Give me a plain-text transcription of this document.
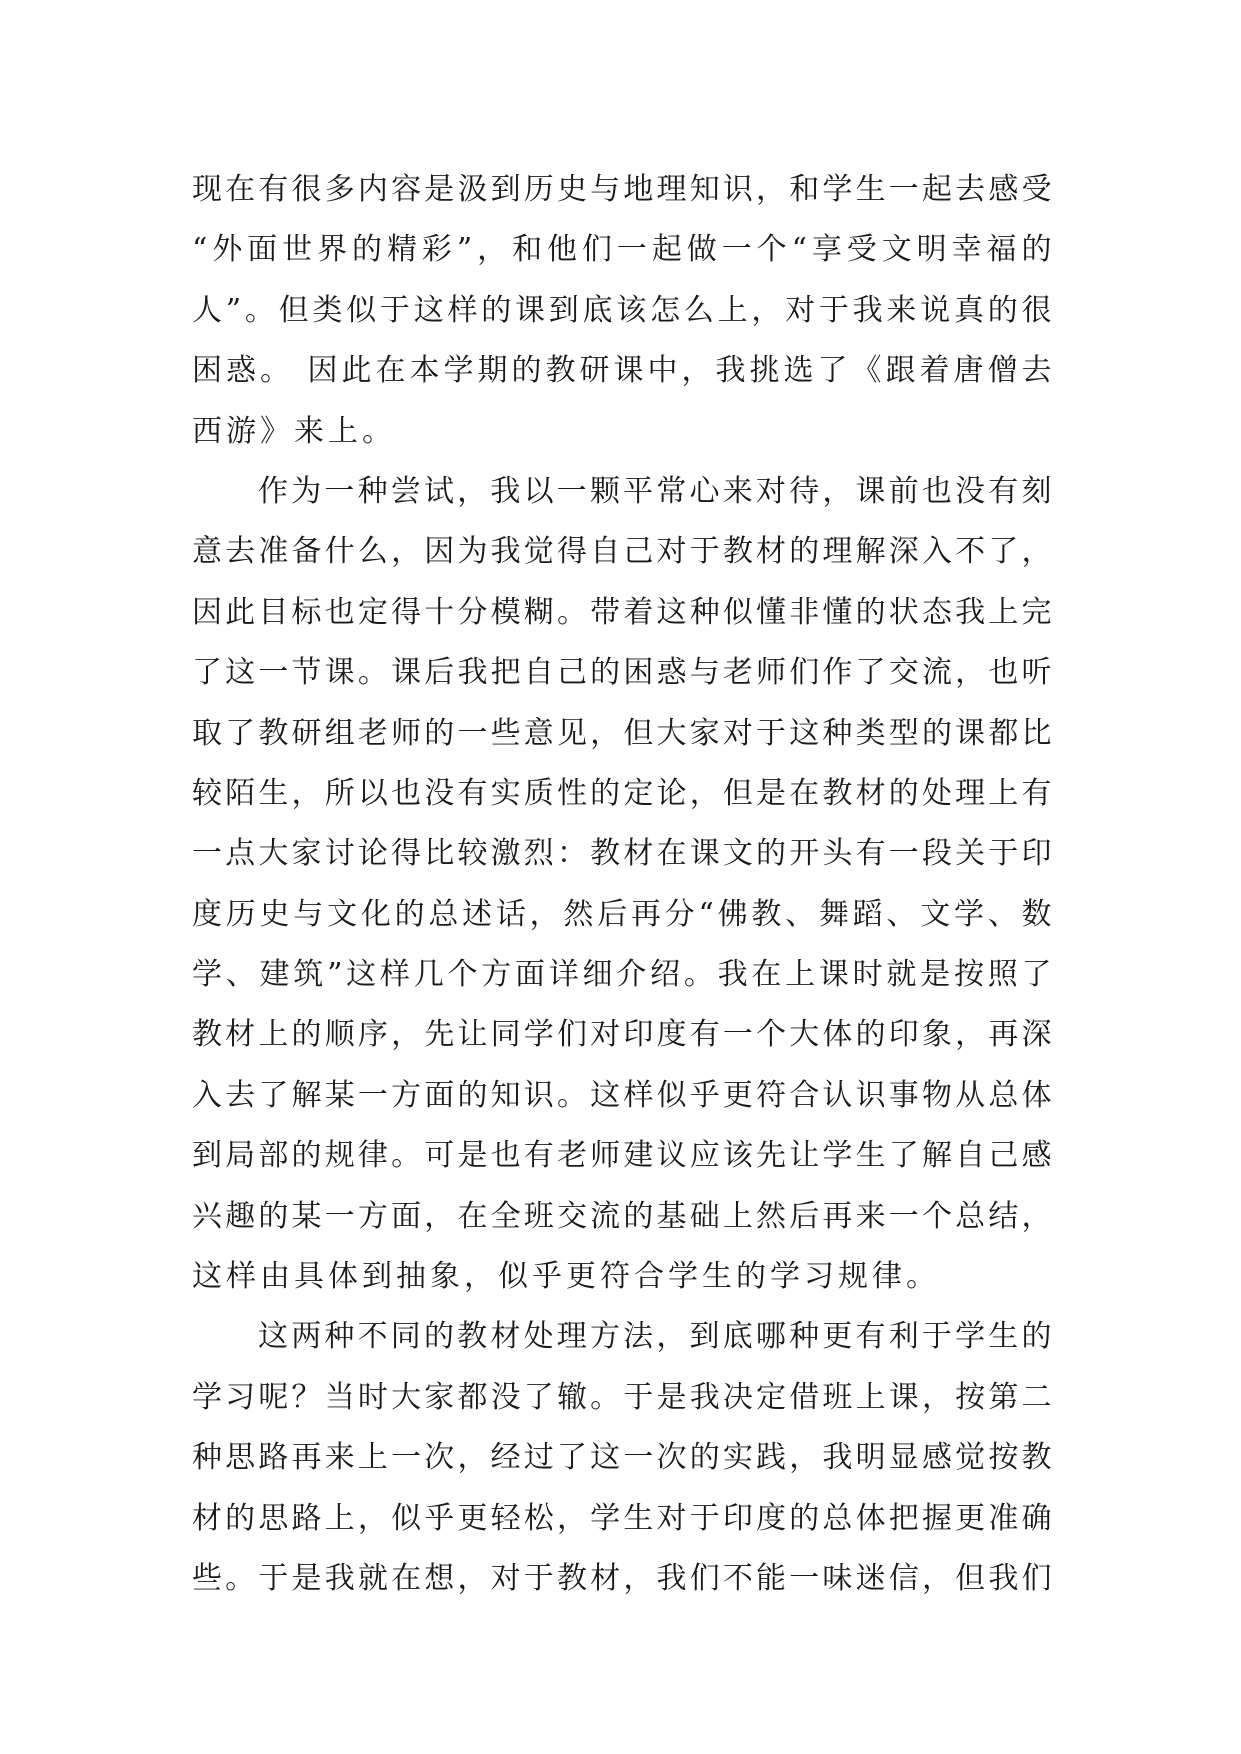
现在有很多内容是汲到历史与地理知识，和学生一起去感受
“外面世界的精彩”，和他们一起做一个“享受文明幸福的
人”。但类似于这样的课到底该怎么上，对于我来说真的很
困惑。 因此在本学期的教研课中，我挑选了《跟着唐僧去
西游》来上。
作为一种尝试，我以一颗平常心来对待，课前也没有刻
意去准备什么，因为我觉得自己对于教材的理解深入不了，
因此目标也定得十分模糊。带着这种似懂非懂的状态我上完
了这一节课。课后我把自己的困惑与老师们作了交流，也听
取了教研组老师的一些意见，但大家对于这种类型的课都比
较陌生，所以也没有实质性的定论，但是在教材的处理上有
一点大家讨论得比较激烈：教材在课文的开头有一段关于印
度历史与文化的总述话，然后再分“佛教、舞蹈、文学、数
学、建筑”这样几个方面详细介绍。我在上课时就是按照了
教材上的顺序，先让同学们对印度有一个大体的印象，再深
入去了解某一方面的知识。这样似乎更符合认识事物从总体
到局部的规律。可是也有老师建议应该先让学生了解自己感
兴趣的某一方面，在全班交流的基础上然后再来一个总结，
这样由具体到抽象，似乎更符合学生的学习规律。
这两种不同的教材处理方法，到底哪种更有利于学生的
学习呢？当时大家都没了辙。于是我决定借班上课，按第二
种思路再来上一次，经过了这一次的实践，我明显感觉按教
材的思路上，似乎更轻松，学生对于印度的总体把握更准确
些。于是我就在想，对于教材，我们不能一味迷信，但我们
